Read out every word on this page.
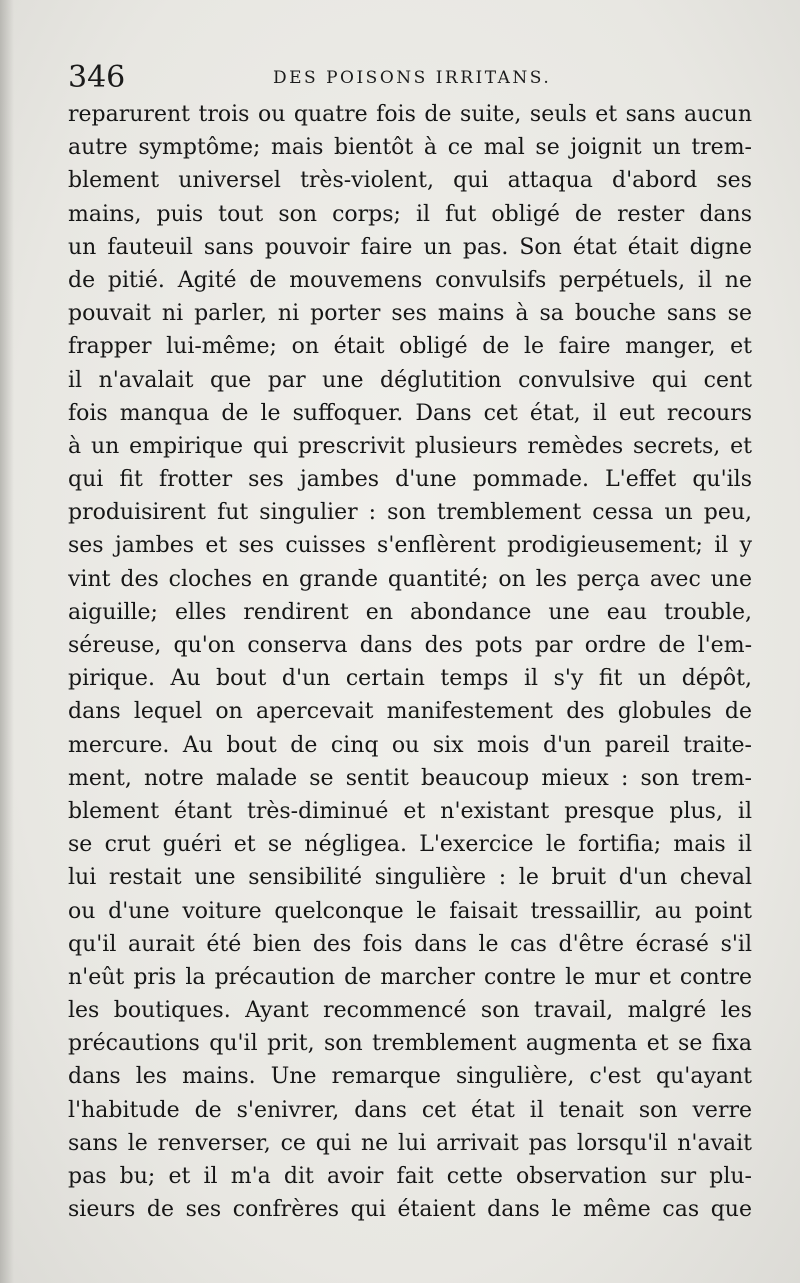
346	DES POISONS IRRITANS.
reparurent trois ou quatre fois de suite, seuls et sans aucun
autre symptôme; mais bientôt à ce mal se joignit un trem-
blement universel très-violent, qui attaqua d'abord ses
mains, puis tout son corps; il fut obligé de rester dans
un fauteuil sans pouvoir faire un pas. Son état était digne
de pitié. Agité de mouvemens convulsifs perpétuels, il ne
pouvait ni parler, ni porter ses mains à sa bouche sans se
frapper lui-même; on était obligé de le faire manger, et
il n'avalait que par une déglutition convulsive qui cent
fois manqua de le suffoquer. Dans cet état, il eut recours
à un empirique qui prescrivit plusieurs remèdes secrets, et
qui fit frotter ses jambes d'une pommade. L'effet qu'ils
produisirent fut singulier : son tremblement cessa un peu,
ses jambes et ses cuisses s'enflèrent prodigieusement; il y
vint des cloches en grande quantité; on les perça avec une
aiguille; elles rendirent en abondance une eau trouble,
séreuse, qu'on conserva dans des pots par ordre de l'em-
pirique. Au bout d'un certain temps il s'y fit un dépôt,
dans lequel on apercevait manifestement des globules de
mercure. Au bout de cinq ou six mois d'un pareil traite-
ment, notre malade se sentit beaucoup mieux : son trem-
blement étant très-diminué et n'existant presque plus, il
se crut guéri et se négligea. L'exercice le fortifia; mais il
lui restait une sensibilité singulière : le bruit d'un cheval
ou d'une voiture quelconque le faisait tressaillir, au point
qu'il aurait été bien des fois dans le cas d'être écrasé s'il
n'eût pris la précaution de marcher contre le mur et contre
les boutiques. Ayant recommencé son travail, malgré les
précautions qu'il prit, son tremblement augmenta et se fixa
dans les mains. Une remarque singulière, c'est qu'ayant
l'habitude de s'enivrer, dans cet état il tenait son verre
sans le renverser, ce qui ne lui arrivait pas lorsqu'il n'avait
pas bu; et il m'a dit avoir fait cette observation sur plu-
sieurs de ses confrères qui étaient dans le même cas que
